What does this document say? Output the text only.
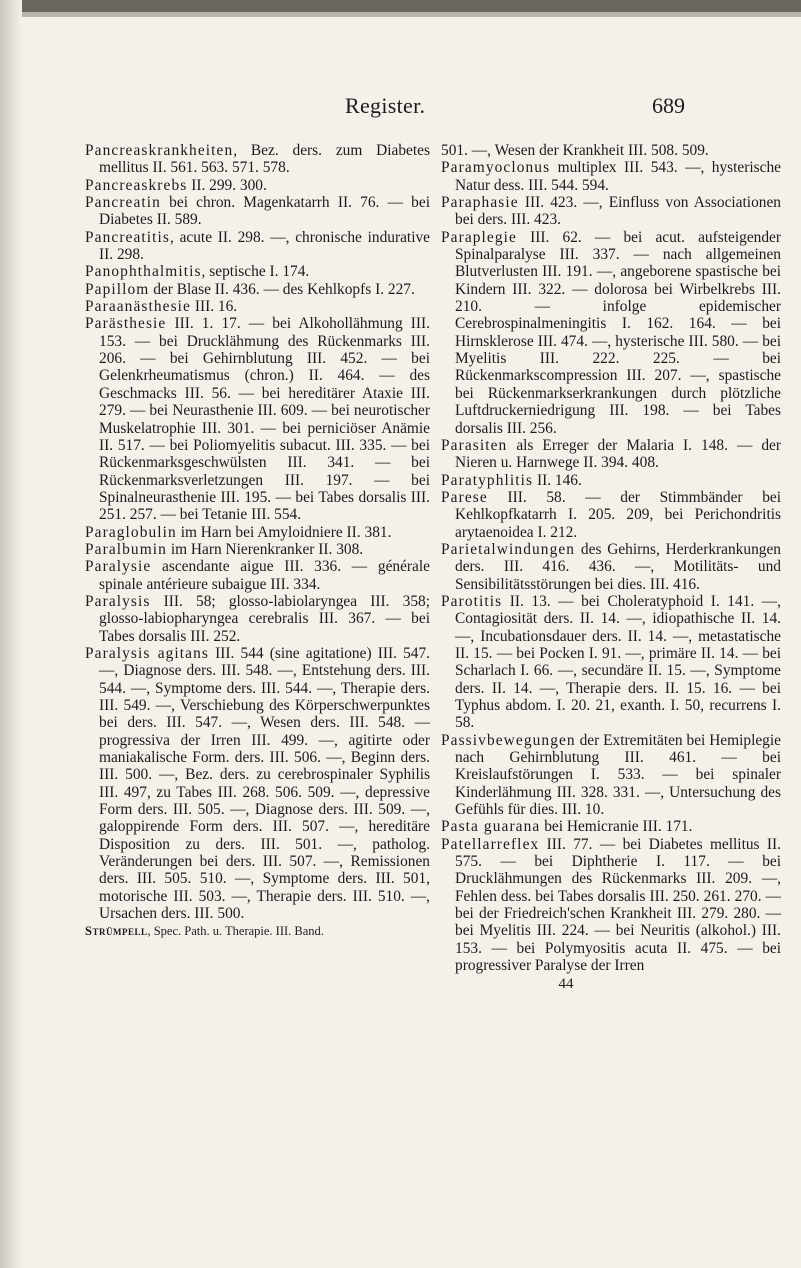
Register.	689

Pancreaskrankheiten, Bez. ders. zum Diabetes mellitus II. 561. 563. 571. 578.

Pancreaskrebs II. 299. 300.

Pancreatin bei chron. Magenkatarrh II. 76. — bei Diabetes II. 589.

Pancreatitis, acute II. 298. —, chronische indurative II. 298.

Panophthalmitis, septische I. 174.

Papillom der Blase II. 436. — des Kehlkopfs I. 227.

Paraanästhesie III. 16.

Parästhesie III. 1. 17. — bei Alkohollähmung III. 153. — bei Drucklähmung des Rückenmarks III. 206. — bei Gehirnblutung III. 452. — bei Gelenkrheumatismus (chron.) II. 464. — des Geschmacks III. 56. — bei hereditärer Ataxie III. 279. — bei Neurasthenie III. 609. — bei neurotischer Muskelatrophie III. 301. — bei perniciöser Anämie II. 517. — bei Poliomyelitis subacut. III. 335. — bei Rückenmarksgeschwülsten III. 341. — bei Rückenmarksverletzungen III. 197. — bei Spinalneurasthenie III. 195. — bei Tabes dorsalis III. 251. 257. — bei Tetanie III. 554.

Paraglobulin im Harn bei Amyloidniere II. 381.

Paralbumin im Harn Nierenkranker II. 308.

Paralysie ascendante aigue III. 336. — générale spinale antérieure subaigue III. 334.

Paralysis III. 58; glosso-labiolaryngea III. 358; glosso-labiopharyngea cerebralis III. 367. — bei Tabes dorsalis III. 252.

Paralysis agitans III. 544 (sine agitatione) III. 547. —, Diagnose ders. III. 548. —, Entstehung ders. III. 544. —, Symptome ders. III. 544. —, Therapie ders. III. 549. —, Verschiebung des Körperschwerpunktes bei ders. III. 547. —, Wesen ders. III. 548. — progressiva der Irren III. 499. —, agitirte oder maniakalische Form. ders. III. 506. —, Beginn ders. III. 500. —, Bez. ders. zu cerebrospinaler Syphilis III. 497, zu Tabes III. 268. 506. 509. —, depressive Form ders. III. 505. —, Diagnose ders. III. 509. —, galoppirende Form ders. III. 507. —, hereditäre Disposition zu ders. III. 501. —, patholog. Veränderungen bei ders. III. 507. —, Remissionen ders. III. 505. 510. —, Symptome ders. III. 501, motorische III. 503. —, Therapie ders. III. 510. —, Ursachen ders. III. 500.

Strümpell, Spec. Path. u. Therapie. III. Band.

501. —, Wesen der Krankheit III. 508. 509.

Paramyoclonus multiplex III. 543. —, hysterische Natur dess. III. 544. 594.

Paraphasie III. 423. —, Einfluss von Associationen bei ders. III. 423.

Paraplegie III. 62. — bei acut. aufsteigender Spinalparalyse III. 337. — nach allgemeinen Blutverlusten III. 191. —, angeborene spastische bei Kindern III. 322. — dolorosa bei Wirbelkrebs III. 210. — infolge epidemischer Cerebrospinalmeningitis I. 162. 164. — bei Hirnsklerose III. 474. —, hysterische III. 580. — bei Myelitis III. 222. 225. — bei Rückenmarkscompression III. 207. —, spastische bei Rückenmarkserkrankungen durch plötzliche Luftdruckerniedrigung III. 198. — bei Tabes dorsalis III. 256.

Parasiten als Erreger der Malaria I. 148. — der Nieren u. Harnwege II. 394. 408.

Paratyphlitis II. 146.

Parese III. 58. — der Stimmbänder bei Kehlkopfkatarrh I. 205. 209, bei Perichondritis arytaenoidea I. 212.

Parietalwindungen des Gehirns, Herderkrankungen ders. III. 416. 436. —, Motilitäts- und Sensibilitätsstörungen bei dies. III. 416.

Parotitis II. 13. — bei Choleratyphoid I. 141. —, Contagiosität ders. II. 14. —, idiopathische II. 14. —, Incubationsdauer ders. II. 14. —, metastatische II. 15. — bei Pocken I. 91. —, primäre II. 14. — bei Scharlach I. 66. —, secundäre II. 15. —, Symptome ders. II. 14. —, Therapie ders. II. 15. 16. — bei Typhus abdom. I. 20. 21, exanth. I. 50, recurrens I. 58.

Passivbewegungen der Extremitäten bei Hemiplegie nach Gehirnblutung III. 461. — bei Kreislaufstörungen I. 533. — bei spinaler Kinderlähmung III. 328. 331. —, Untersuchung des Gefühls für dies. III. 10.

Pasta guarana bei Hemicranie III. 171.

Patellarreflex III. 77. — bei Diabetes mellitus II. 575. — bei Diphtherie I. 117. — bei Drucklähmungen des Rückenmarks III. 209. —, Fehlen dess. bei Tabes dorsalis III. 250. 261. 270. — bei der Friedreich'schen Krankheit III. 279. 280. — bei Myelitis III. 224. — bei Neuritis (alkohol.) III. 153. — bei Polymyositis acuta II. 475. — bei progressiver Paralyse der Irren

44
